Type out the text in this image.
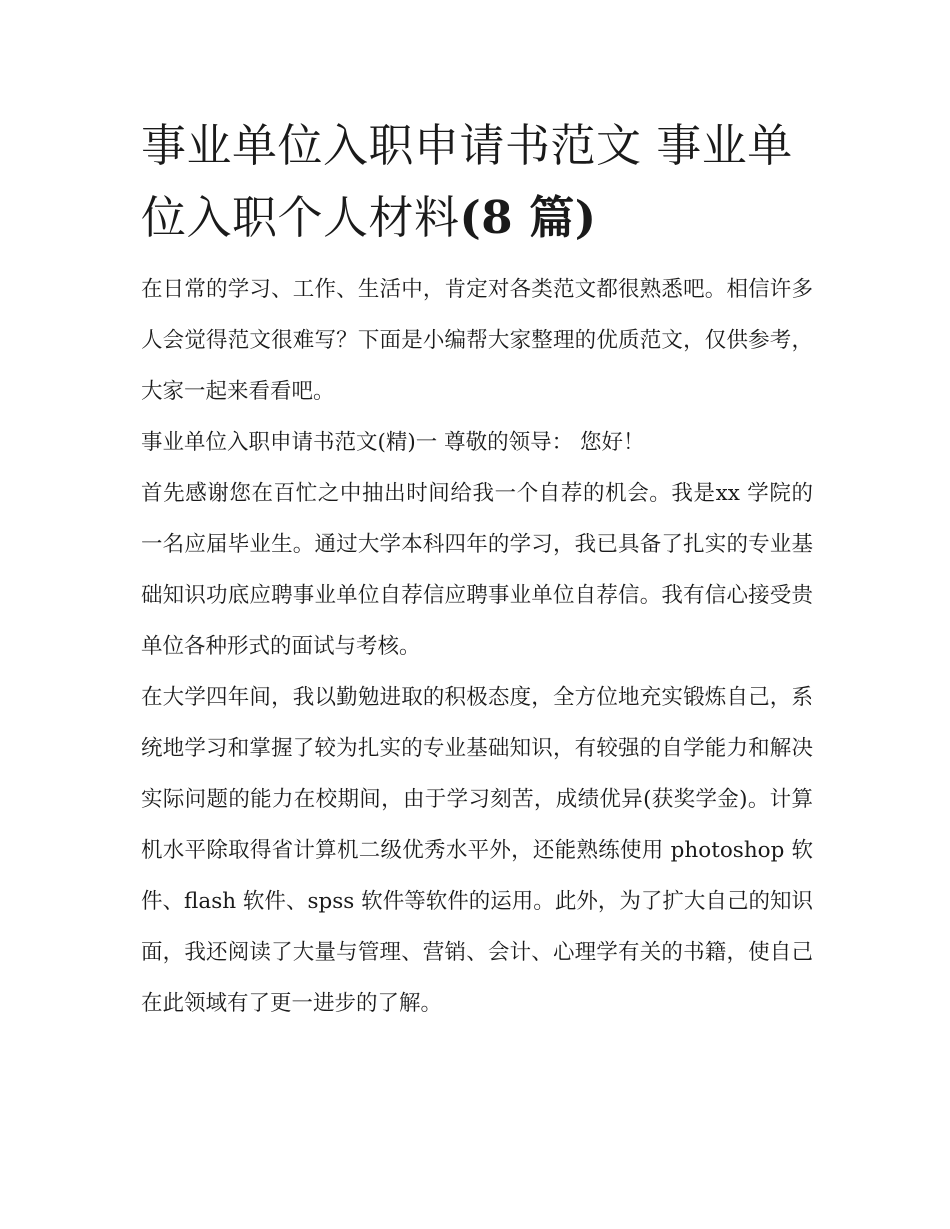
事业单位入职申请书范文 事业单位入职个人材料(8 篇)

在日常的学习、工作、生活中，肯定对各类范文都很熟悉吧。相信许多人会觉得范文很难写？下面是小编帮大家整理的优质范文，仅供参考，大家一起来看看吧。

事业单位入职申请书范文(精)一 尊敬的领导： 您好！

首先感谢您在百忙之中抽出时间给我一个自荐的机会。我是xx 学院的一名应届毕业生。通过大学本科四年的学习，我已具备了扎实的专业基础知识功底应聘事业单位自荐信应聘事业单位自荐信。我有信心接受贵单位各种形式的面试与考核。

在大学四年间，我以勤勉进取的积极态度，全方位地充实锻炼自己，系统地学习和掌握了较为扎实的专业基础知识，有较强的自学能力和解决实际问题的能力在校期间，由于学习刻苦，成绩优异(获奖学金)。计算机水平除取得省计算机二级优秀水平外，还能熟练使用 photoshop 软件、flash 软件、spss 软件等软件的运用。此外，为了扩大自己的知识面，我还阅读了大量与管理、营销、会计、心理学有关的书籍，使自己在此领域有了更一进步的了解。
